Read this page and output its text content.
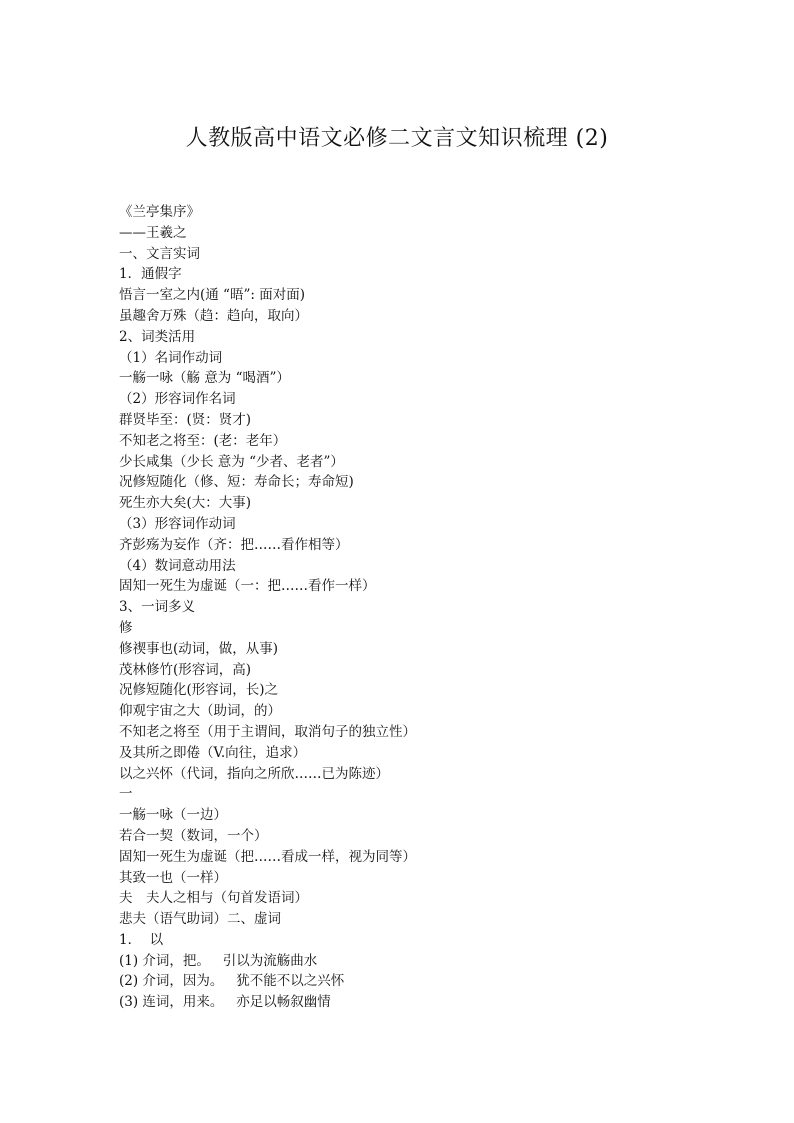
人教版高中语文必修二文言文知识梳理 (2)
《兰亭集序》
——王羲之
一、文言实词
1．通假字
悟言一室之内(通 “晤”: 面对面)
虽趣舍万殊（趋：趋向，取向）
2、词类活用
（1）名词作动词
一觞一咏（觞 意为 “喝酒”）
（2）形容词作名词
群贤毕至：(贤：贤才)
不知老之将至：(老：老年）
少长咸集（少长 意为 “少者、老者”）
况修短随化（修、短：寿命长；寿命短)
死生亦大矣(大：大事)
（3）形容词作动词
齐彭殇为妄作（齐：把……看作相等）
（4）数词意动用法
固知一死生为虚诞（一：把……看作一样）
3、一词多义
修
修禊事也(动词，做，从事)
茂林修竹(形容词，高)
况修短随化(形容词，长)之
仰观宇宙之大（助词，的）
不知老之将至（用于主谓间，取消句子的独立性）
及其所之即倦（V.向往，追求）
以之兴怀（代词，指向之所欣……已为陈迹）
一
一觞一咏（一边）
若合一契（数词，一个）
固知一死生为虚诞（把……看成一样，视为同等）
其致一也（一样）
夫　夫人之相与（句首发语词）
悲夫（语气助词）二、虚词
1．  以
(1) 介词，把。   引以为流觞曲水
(2) 介词，因为。   犹不能不以之兴怀
(3) 连词，用来。   亦足以畅叙幽情
